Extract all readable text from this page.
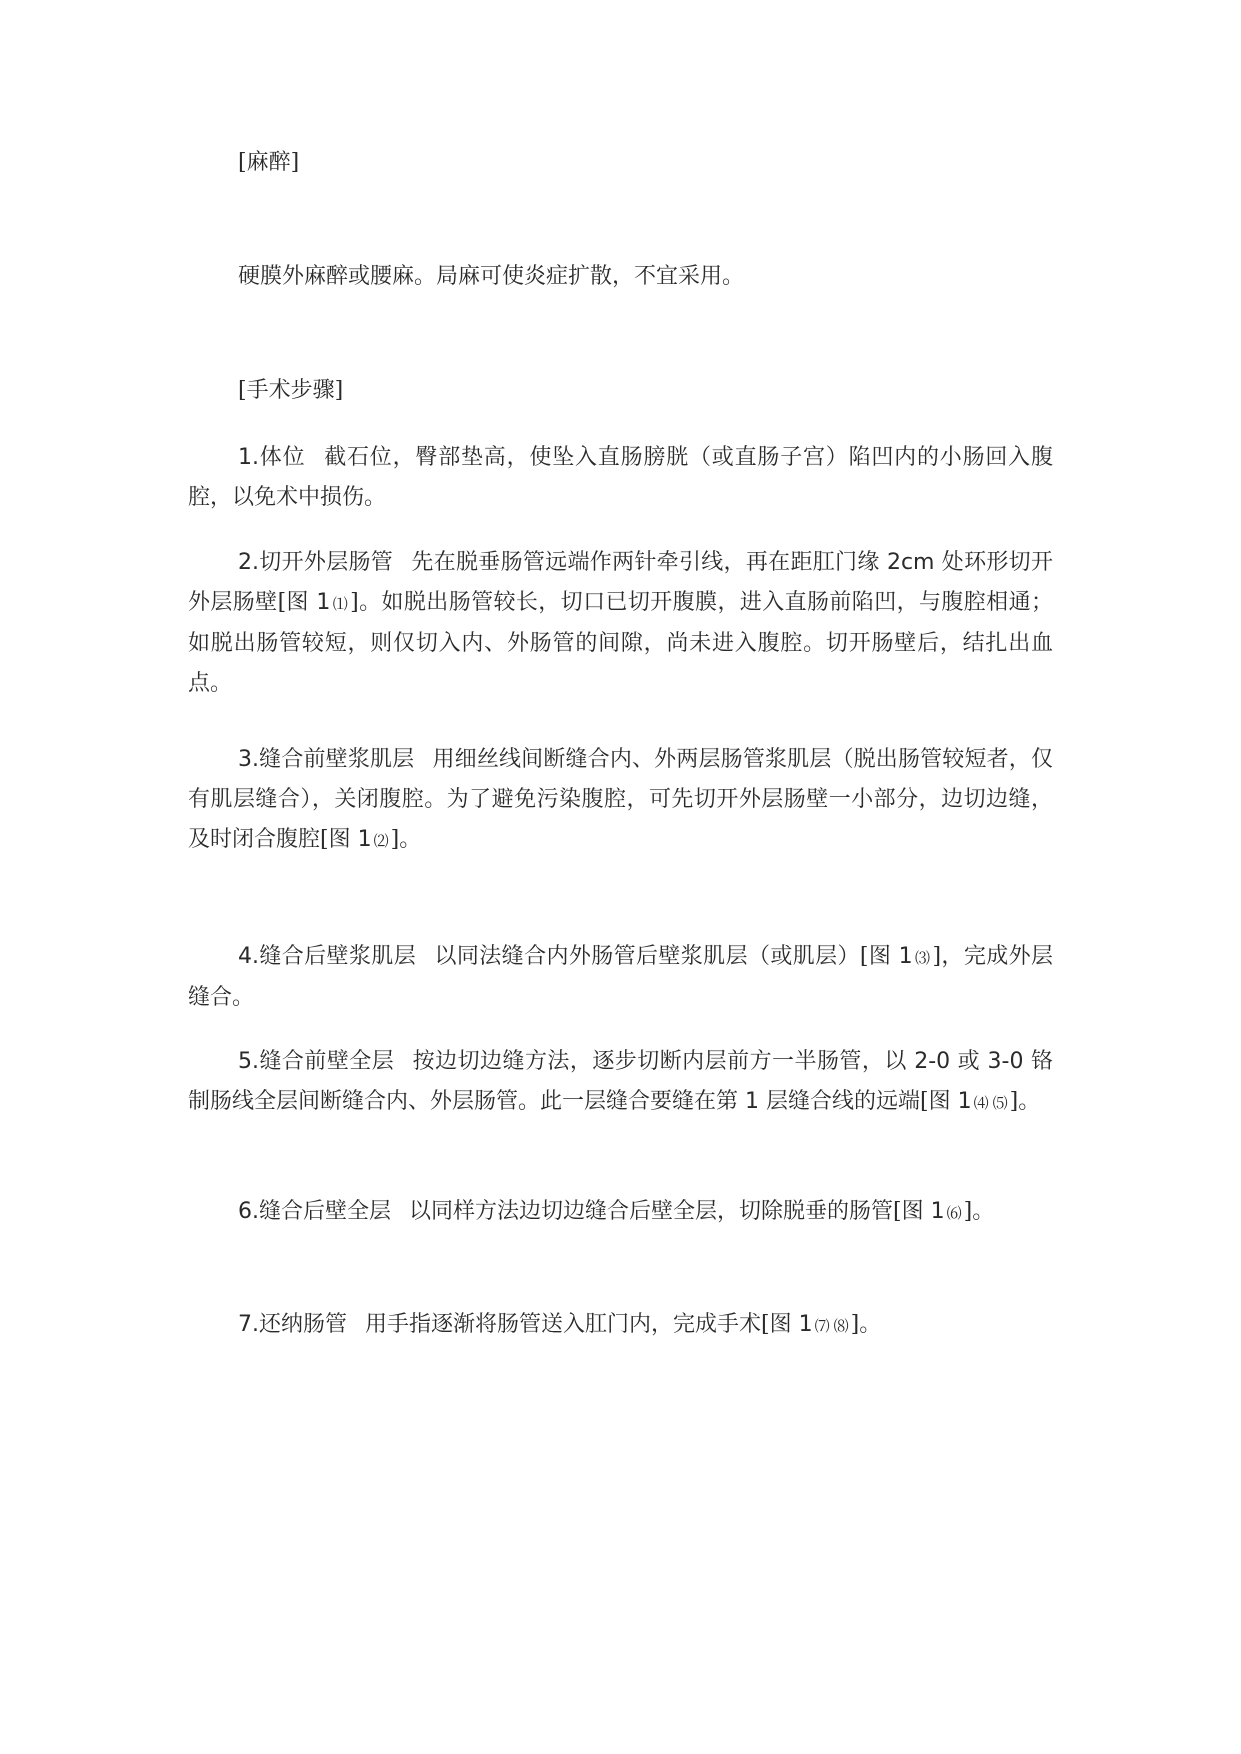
[麻醉]

硬膜外麻醉或腰麻。局麻可使炎症扩散，不宜采用。

[手术步骤]

1.体位 截石位，臀部垫高，使坠入直肠膀胱（或直肠子宫）陷凹内的小肠回入腹腔，以免术中损伤。

2.切开外层肠管 先在脱垂肠管远端作两针牵引线，再在距肛门缘 2cm 处环形切开外层肠壁[图 1 ⑴]。如脱出肠管较长，切口已切开腹膜，进入直肠前陷凹，与腹腔相通；如脱出肠管较短，则仅切入内、外肠管的间隙，尚未进入腹腔。切开肠壁后，结扎出血点。

3.缝合前壁浆肌层 用细丝线间断缝合内、外两层肠管浆肌层（脱出肠管较短者，仅有肌层缝合），关闭腹腔。为了避免污染腹腔，可先切开外层肠壁一小部分，边切边缝，及时闭合腹腔[图 1 ⑵]。

4.缝合后壁浆肌层 以同法缝合内外肠管后壁浆肌层（或肌层）[图 1 ⑶]，完成外层缝合。

5.缝合前壁全层 按边切边缝方法，逐步切断内层前方一半肠管，以 2-0 或 3-0 铬制肠线全层间断缝合内、外层肠管。此一层缝合要缝在第 1 层缝合线的远端[图 1 ⑷ ⑸]。

6.缝合后壁全层 以同样方法边切边缝合后壁全层，切除脱垂的肠管[图 1 ⑹]。

7.还纳肠管 用手指逐渐将肠管送入肛门内，完成手术[图 1 ⑺ ⑻]。
